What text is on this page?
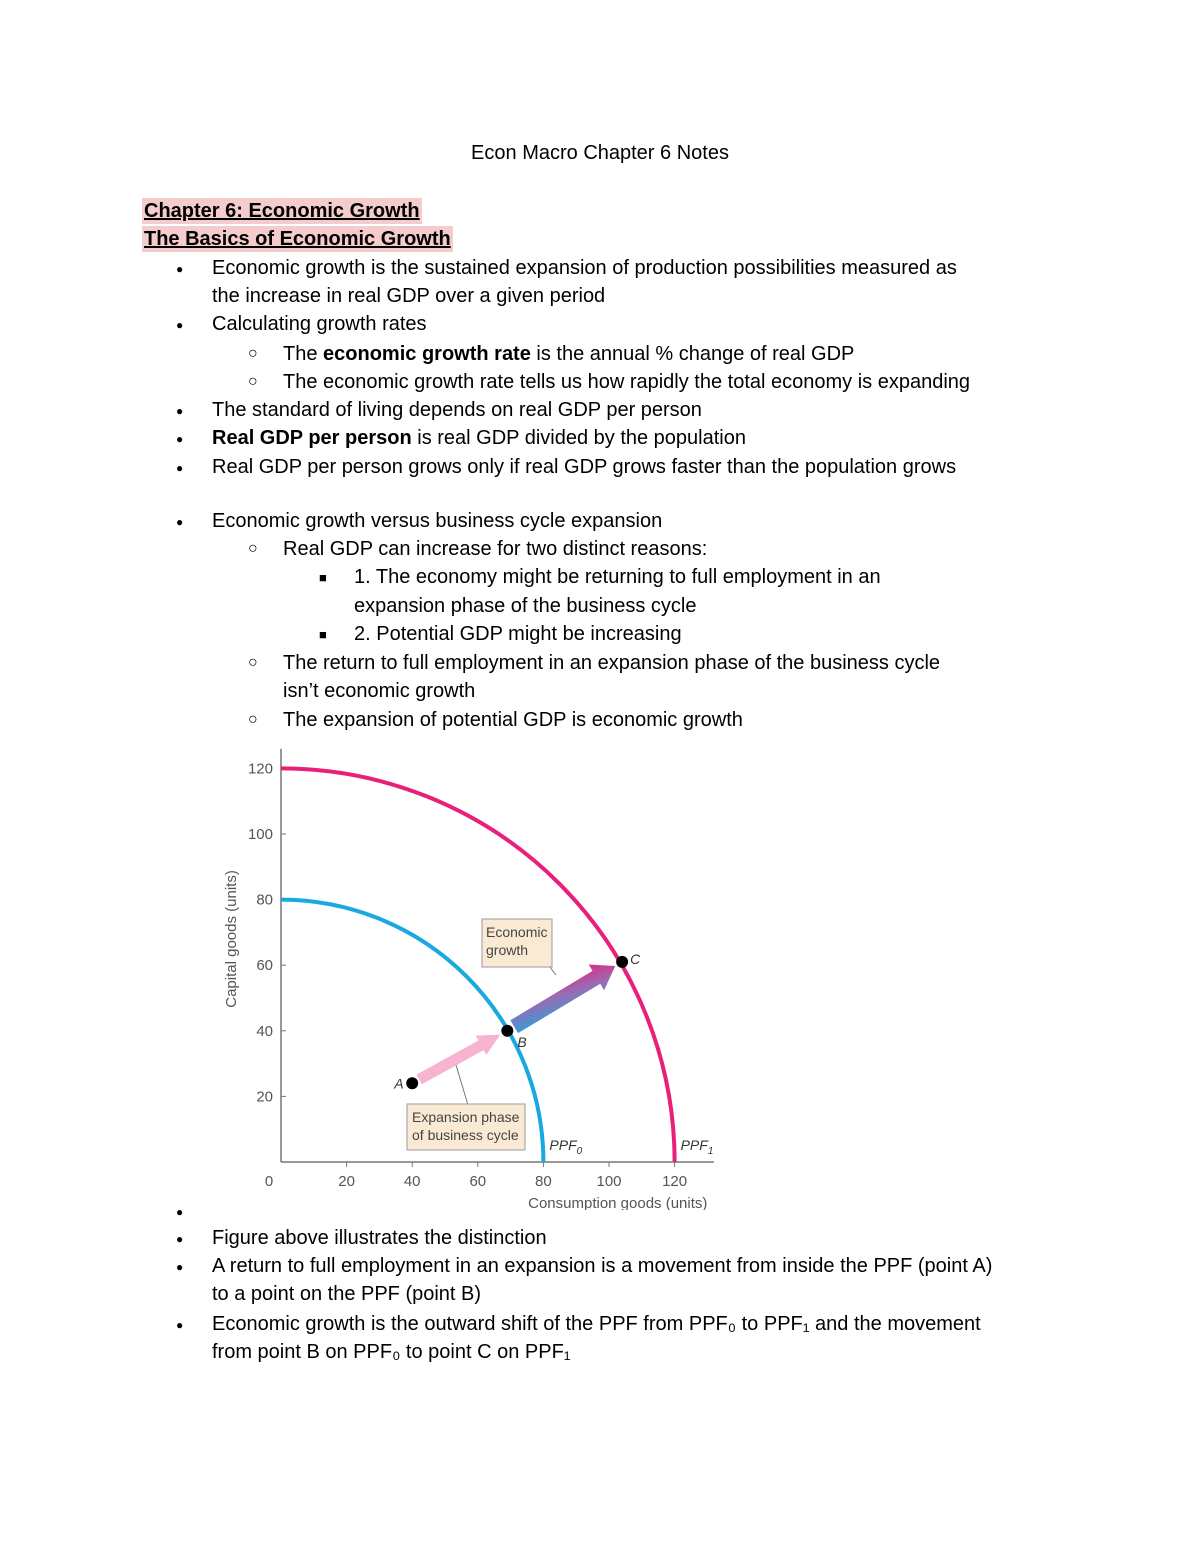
Econ Macro Chapter 6 Notes
Chapter 6: Economic Growth
The Basics of Economic Growth
● Economic growth is the sustained expansion of production possibilities measured as
the increase in real GDP over a given period
● Calculating growth rates
○ The economic growth rate is the annual % change of real GDP
○ The economic growth rate tells us how rapidly the total economy is expanding
● The standard of living depends on real GDP per person
● Real GDP per person is real GDP divided by the population
● Real GDP per person grows only if real GDP grows faster than the population grows
● Economic growth versus business cycle expansion
○ Real GDP can increase for two distinct reasons:
■ 1. The economy might be returning to full employment in an
expansion phase of the business cycle
■ 2. Potential GDP might be increasing
○ The return to full employment in an expansion phase of the business cycle
isn’t economic growth
○ The expansion of potential GDP is economic growth
0	20	40	60	80	100	120
20
40
60
80
100
120
Consumption goods (units)
Capital goods (units)
$PPF_0$	$PPF_1$
Economic
growth
Expansion phase
of business cycle
A
B
C
●
● Figure above illustrates the distinction
● A return to full employment in an expansion is a movement from inside the PPF (point A)
to a point on the PPF (point B)
● Economic growth is the outward shift of the PPF from PPF₀ to PPF₁ and the movement
from point B on PPF₀ to point C on PPF₁
